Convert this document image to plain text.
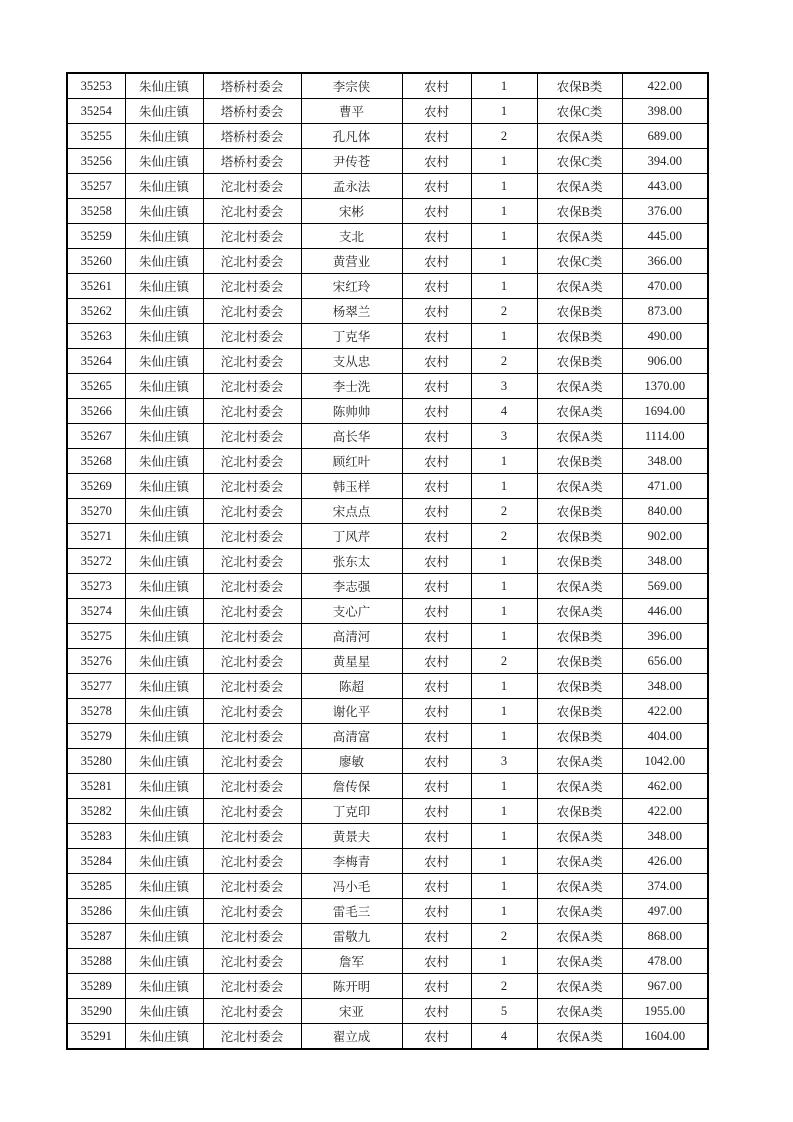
35253	朱仙庄镇	塔桥村委会	李宗侠	农村	1	农保B类	422.00
35254	朱仙庄镇	塔桥村委会	曹平	农村	1	农保C类	398.00
35255	朱仙庄镇	塔桥村委会	孔凡体	农村	2	农保A类	689.00
35256	朱仙庄镇	塔桥村委会	尹传苍	农村	1	农保C类	394.00
35257	朱仙庄镇	沱北村委会	孟永法	农村	1	农保A类	443.00
35258	朱仙庄镇	沱北村委会	宋彬	农村	1	农保B类	376.00
35259	朱仙庄镇	沱北村委会	支北	农村	1	农保A类	445.00
35260	朱仙庄镇	沱北村委会	黄营业	农村	1	农保C类	366.00
35261	朱仙庄镇	沱北村委会	宋红玲	农村	1	农保A类	470.00
35262	朱仙庄镇	沱北村委会	杨翠兰	农村	2	农保B类	873.00
35263	朱仙庄镇	沱北村委会	丁克华	农村	1	农保B类	490.00
35264	朱仙庄镇	沱北村委会	支从忠	农村	2	农保B类	906.00
35265	朱仙庄镇	沱北村委会	李士洗	农村	3	农保A类	1370.00
35266	朱仙庄镇	沱北村委会	陈帅帅	农村	4	农保A类	1694.00
35267	朱仙庄镇	沱北村委会	高长华	农村	3	农保A类	1114.00
35268	朱仙庄镇	沱北村委会	顾红叶	农村	1	农保B类	348.00
35269	朱仙庄镇	沱北村委会	韩玉样	农村	1	农保A类	471.00
35270	朱仙庄镇	沱北村委会	宋点点	农村	2	农保B类	840.00
35271	朱仙庄镇	沱北村委会	丁风芹	农村	2	农保B类	902.00
35272	朱仙庄镇	沱北村委会	张东太	农村	1	农保B类	348.00
35273	朱仙庄镇	沱北村委会	李志强	农村	1	农保A类	569.00
35274	朱仙庄镇	沱北村委会	支心广	农村	1	农保A类	446.00
35275	朱仙庄镇	沱北村委会	高清河	农村	1	农保B类	396.00
35276	朱仙庄镇	沱北村委会	黄星星	农村	2	农保B类	656.00
35277	朱仙庄镇	沱北村委会	陈超	农村	1	农保B类	348.00
35278	朱仙庄镇	沱北村委会	谢化平	农村	1	农保B类	422.00
35279	朱仙庄镇	沱北村委会	高清富	农村	1	农保B类	404.00
35280	朱仙庄镇	沱北村委会	廖敏	农村	3	农保A类	1042.00
35281	朱仙庄镇	沱北村委会	詹传保	农村	1	农保A类	462.00
35282	朱仙庄镇	沱北村委会	丁克印	农村	1	农保B类	422.00
35283	朱仙庄镇	沱北村委会	黄景夫	农村	1	农保A类	348.00
35284	朱仙庄镇	沱北村委会	李梅青	农村	1	农保A类	426.00
35285	朱仙庄镇	沱北村委会	冯小毛	农村	1	农保A类	374.00
35286	朱仙庄镇	沱北村委会	雷毛三	农村	1	农保A类	497.00
35287	朱仙庄镇	沱北村委会	雷敬九	农村	2	农保A类	868.00
35288	朱仙庄镇	沱北村委会	詹军	农村	1	农保A类	478.00
35289	朱仙庄镇	沱北村委会	陈开明	农村	2	农保A类	967.00
35290	朱仙庄镇	沱北村委会	宋亚	农村	5	农保A类	1955.00
35291	朱仙庄镇	沱北村委会	翟立成	农村	4	农保A类	1604.00
